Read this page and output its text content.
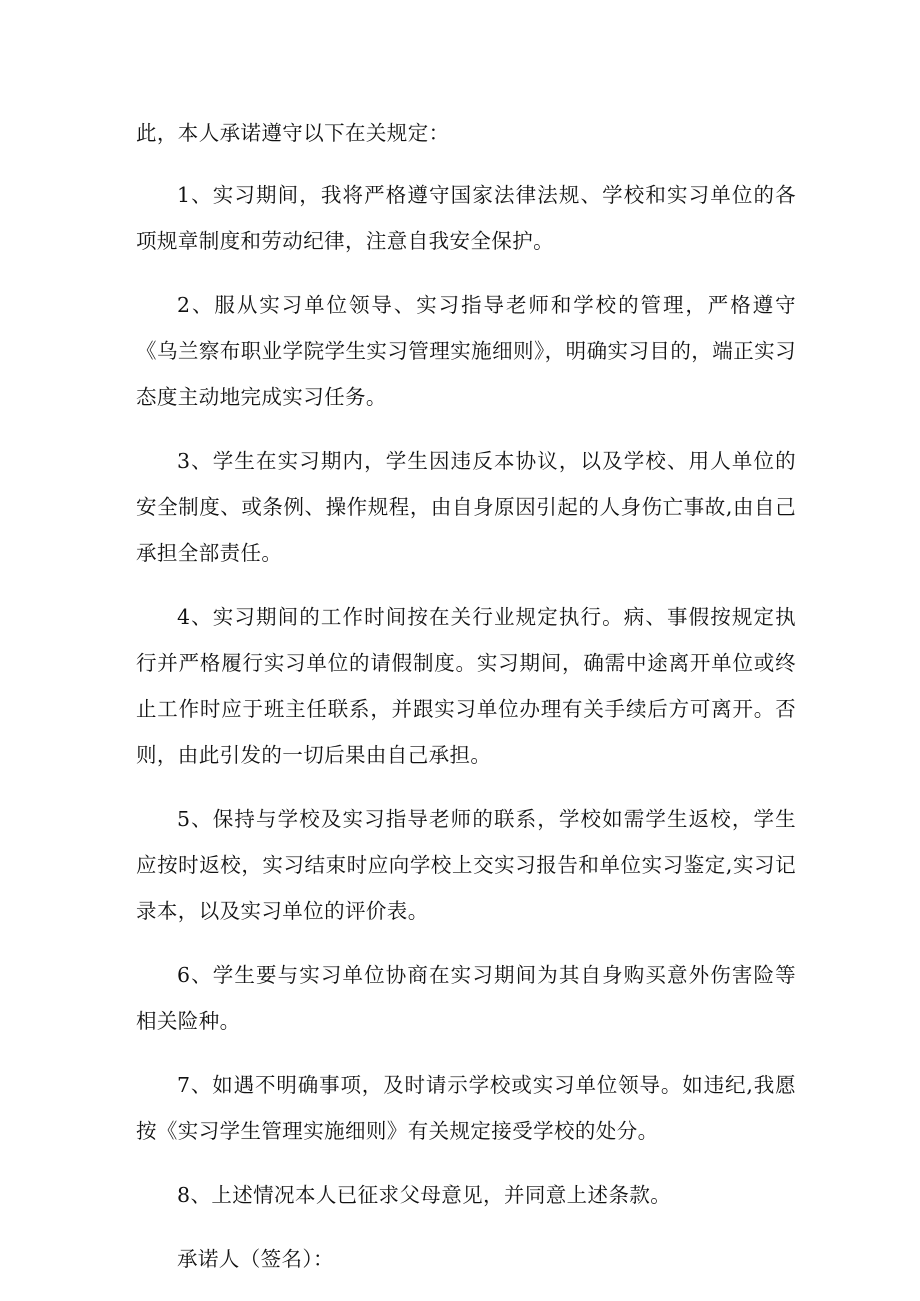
此，本人承诺遵守以下在关规定：

1、实习期间，我将严格遵守国家法律法规、学校和实习单位的各项规章制度和劳动纪律，注意自我安全保护。

2、服从实习单位领导、实习指导老师和学校的管理，严格遵守《乌兰察布职业学院学生实习管理实施细则》，明确实习目的，端正实习态度主动地完成实习任务。

3、学生在实习期内，学生因违反本协议，以及学校、用人单位的安全制度、或条例、操作规程，由自身原因引起的人身伤亡事故,由自己承担全部责任。

4、实习期间的工作时间按在关行业规定执行。病、事假按规定执行并严格履行实习单位的请假制度。实习期间，确需中途离开单位或终止工作时应于班主任联系，并跟实习单位办理有关手续后方可离开。否则，由此引发的一切后果由自己承担。

5、保持与学校及实习指导老师的联系，学校如需学生返校，学生应按时返校，实习结束时应向学校上交实习报告和单位实习鉴定,实习记录本，以及实习单位的评价表。

6、学生要与实习单位协商在实习期间为其自身购买意外伤害险等相关险种。

7、如遇不明确事项，及时请示学校或实习单位领导。如违纪,我愿按《实习学生管理实施细则》有关规定接受学校的处分。

8、上述情况本人已征求父母意见，并同意上述条款。

承诺人（签名）：
